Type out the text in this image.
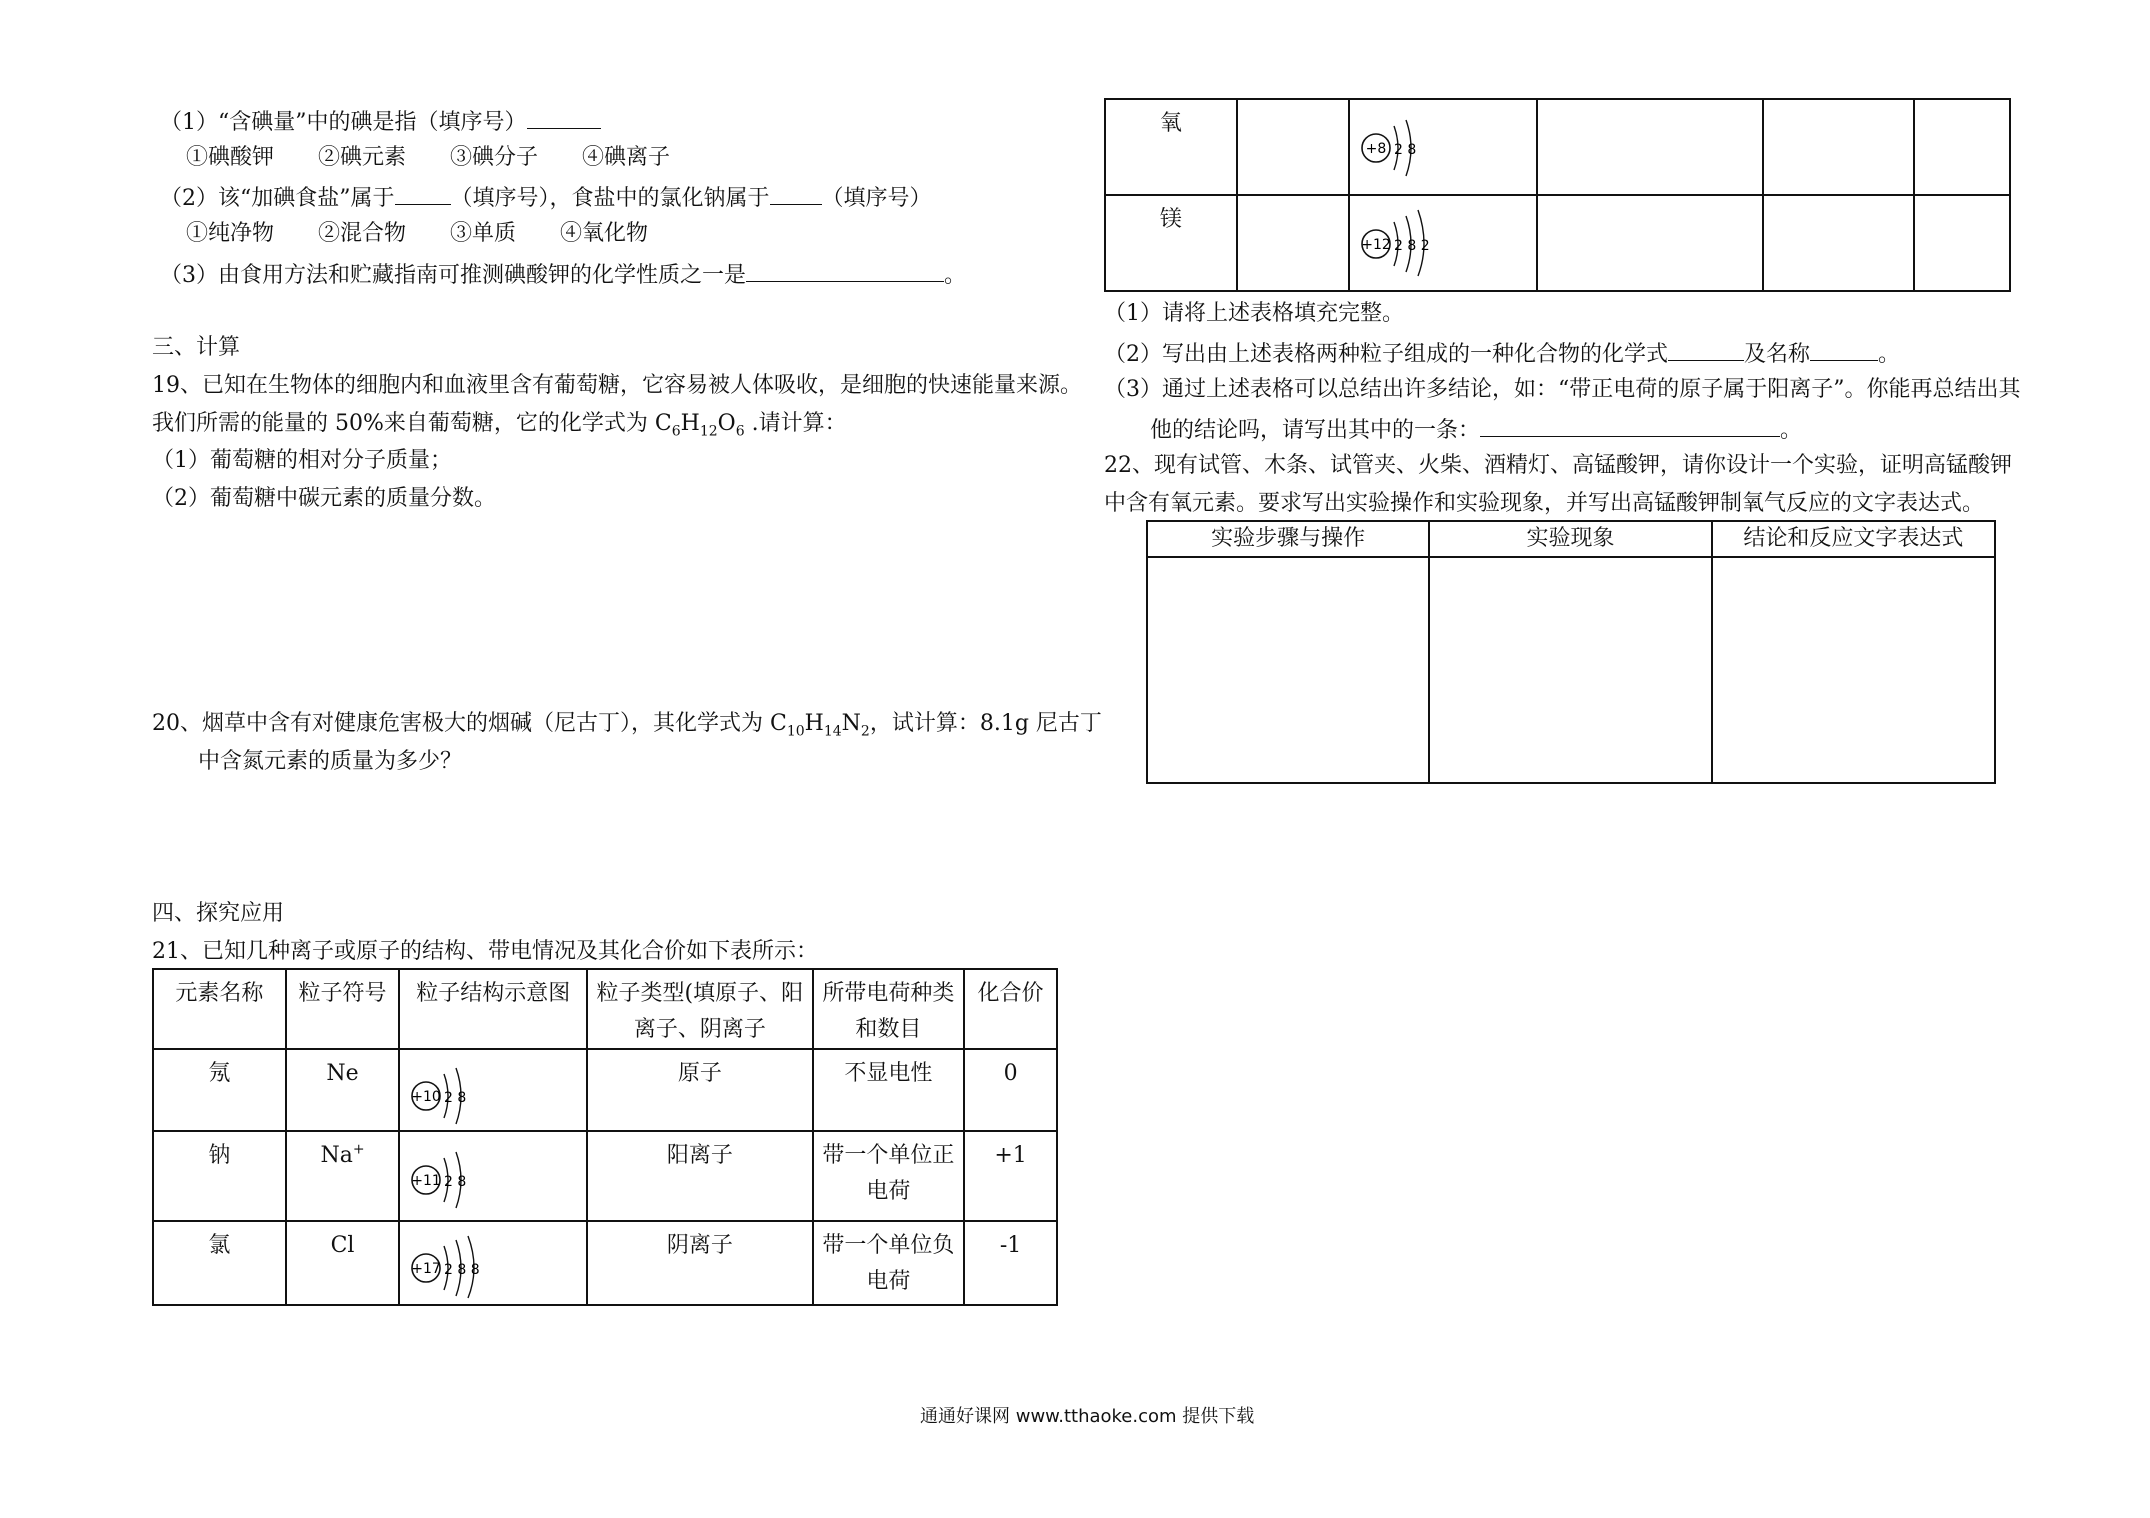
（1）“含碘量”中的碘是指（填序号）
①碘酸钾　　②碘元素　　③碘分子　　④碘离子
（2）该“加碘食盐”属于	（填序号），食盐中的氯化钠属于 （填序号）
①纯净物　　②混合物　　③单质　　④氧化物
（3）由食用方法和贮藏指南可推测碘酸钾的化学性质之一是	。
三、计算
19、已知在生物体的细胞内和血液里含有葡萄糖，它容易被人体吸收，是细胞的快速能量来源。
我们所需的能量的 50%来自葡萄糖，它的化学式为 $C_6H_{12}O_6$ .请计算：
（1）葡萄糖的相对分子质量；
（2）葡萄糖中碳元素的质量分数。
20、烟草中含有对健康危害极大的烟碱（尼古丁），其化学式为 $C_{10}H_{14}N_2$，试计算：8.1g 尼古丁
中含氮元素的质量为多少？
四、探究应用
21、已知几种离子或原子的结构、带电情况及其化合价如下表所示：
元素名称	粒子符号	粒子结构示意图	粒子类型(填原子、阳离子、阴离子	所带电荷种类和数目	化合价
氖	Ne	+10 2 8	原子	不显电性	0
钠	Na+	+11 2 8	阳离子	带一个单位正电荷	+1
氯	Cl	+17 2 8 8	阴离子	带一个单位负电荷	-1
氧		+8 2 8			

镁		+12 2 8 2			

（1）请将上述表格填充完整。
（2）写出由上述表格两种粒子组成的一种化合物的化学式	及名称	。
（3）通过上述表格可以总结出许多结论，如：“带正电荷的原子属于阳离子”。你能再总结出其
他的结论吗，请写出其中的一条：	。
22、现有试管、木条、试管夹、火柴、酒精灯、高锰酸钾，请你设计一个实验，证明高锰酸钾
中含有氧元素。要求写出实验操作和实验现象，并写出高锰酸钾制氧气反应的文字表达式。
实验步骤与操作	实验现象	结论和反应文字表达式

通通好课网 www.tthaoke.com 提供下载
